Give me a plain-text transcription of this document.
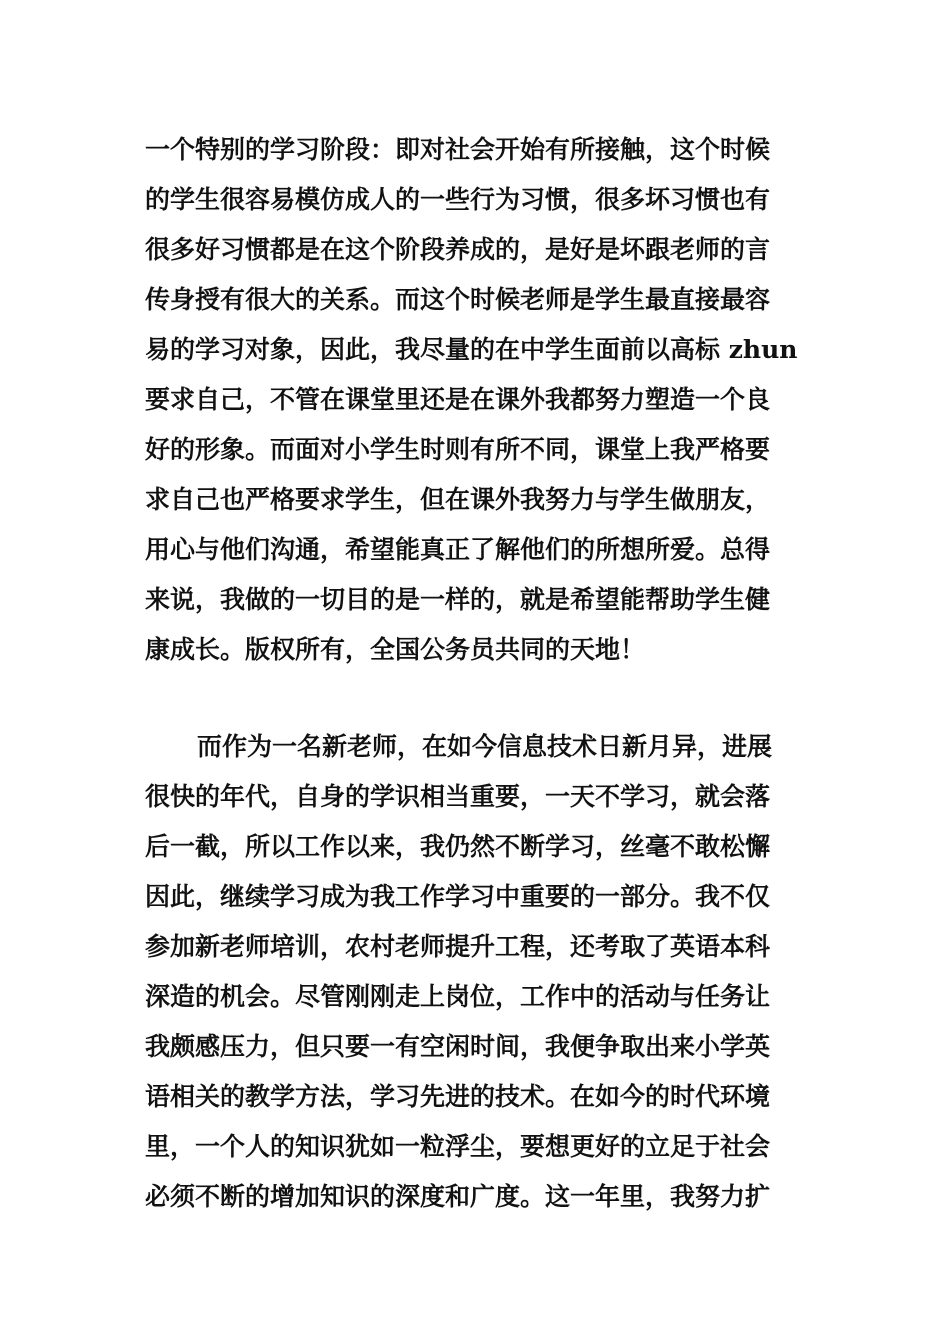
一个特别的学习阶段：即对社会开始有所接触，这个时候
的学生很容易模仿成人的一些行为习惯，很多坏习惯也有
很多好习惯都是在这个阶段养成的，是好是坏跟老师的言
传身授有很大的关系。而这个时候老师是学生最直接最容
易的学习对象，因此，我尽量的在中学生面前以高标 zhun
要求自己，不管在课堂里还是在课外我都努力塑造一个良
好的形象。而面对小学生时则有所不同，课堂上我严格要
求自己也严格要求学生，但在课外我努力与学生做朋友，
用心与他们沟通，希望能真正了解他们的所想所爱。总得
来说，我做的一切目的是一样的，就是希望能帮助学生健
康成长。版权所有，全国公务员共同的天地！
而作为一名新老师，在如今信息技术日新月异，进展
很快的年代，自身的学识相当重要，一天不学习，就会落
后一截，所以工作以来，我仍然不断学习，丝毫不敢松懈
因此，继续学习成为我工作学习中重要的一部分。我不仅
参加新老师培训，农村老师提升工程，还考取了英语本科
深造的机会。尽管刚刚走上岗位，工作中的活动与任务让
我颇感压力，但只要一有空闲时间，我便争取出来小学英
语相关的教学方法，学习先进的技术。在如今的时代环境
里，一个人的知识犹如一粒浮尘，要想更好的立足于社会
必须不断的增加知识的深度和广度。这一年里，我努力扩
